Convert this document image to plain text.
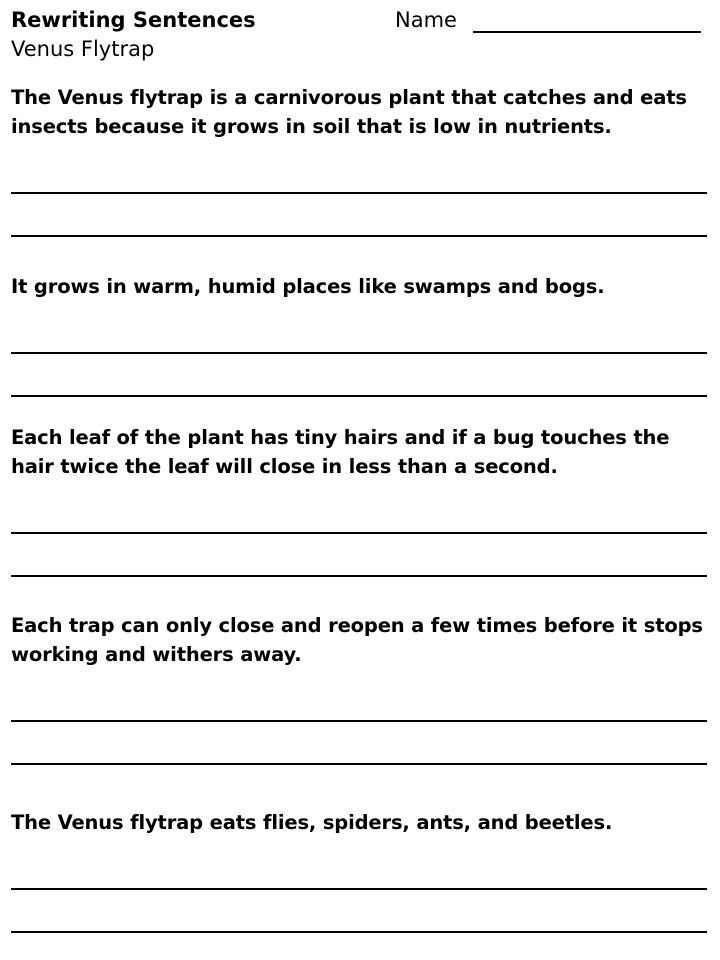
Rewriting Sentences
Venus Flytrap
Name

The Venus flytrap is a carnivorous plant that catches and eats insects because it grows in soil that is low in nutrients.

It grows in warm, humid places like swamps and bogs.

Each leaf of the plant has tiny hairs and if a bug touches the hair twice the leaf will close in less than a second.

Each trap can only close and reopen a few times before it stops working and withers away.

The Venus flytrap eats flies, spiders, ants, and beetles.
